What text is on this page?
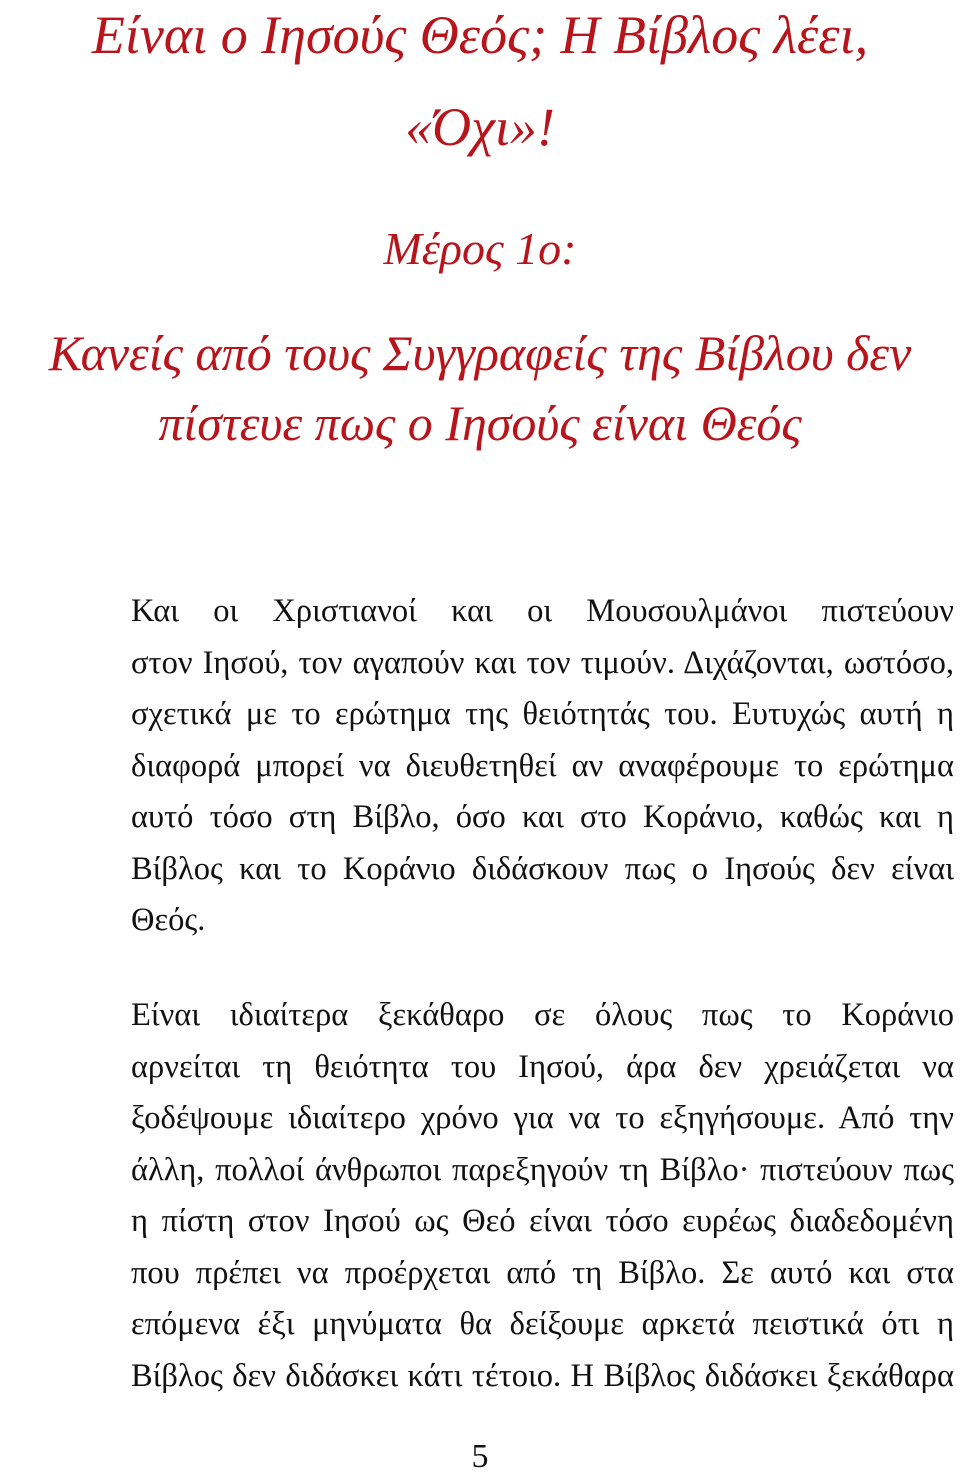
Είναι ο Ιησούς Θεός; Η Βίβλος λέει,
«Όχι»!
Μέρος 1ο:
Κανείς από τους Συγγραφείς της Βίβλου δεν
πίστευε πως ο Ιησούς είναι Θεός
Και οι Χριστιανοί και οι Μουσουλμάνοι πιστεύουν
στον Ιησού, τον αγαπούν και τον τιμούν. Διχάζονται, ωστόσο,
σχετικά με το ερώτημα της θειότητάς του. Ευτυχώς αυτή η
διαφορά μπορεί να διευθετηθεί αν αναφέρουμε το ερώτημα
αυτό τόσο στη Βίβλο, όσο και στο Κοράνιο, καθώς και η
Βίβλος και το Κοράνιο διδάσκουν πως ο Ιησούς δεν είναι
Θεός.
Είναι ιδιαίτερα ξεκάθαρο σε όλους πως το Κοράνιο
αρνείται τη θειότητα του Ιησού, άρα δεν χρειάζεται να
ξοδέψουμε ιδιαίτερο χρόνο για να το εξηγήσουμε. Από την
άλλη, πολλοί άνθρωποι παρεξηγούν τη Βίβλο· πιστεύουν πως
η πίστη στον Ιησού ως Θεό είναι τόσο ευρέως διαδεδομένη
που πρέπει να προέρχεται από τη Βίβλο. Σε αυτό και στα
επόμενα έξι μηνύματα θα δείξουμε αρκετά πειστικά ότι η
Βίβλος δεν διδάσκει κάτι τέτοιο. Η Βίβλος διδάσκει ξεκάθαρα
5
